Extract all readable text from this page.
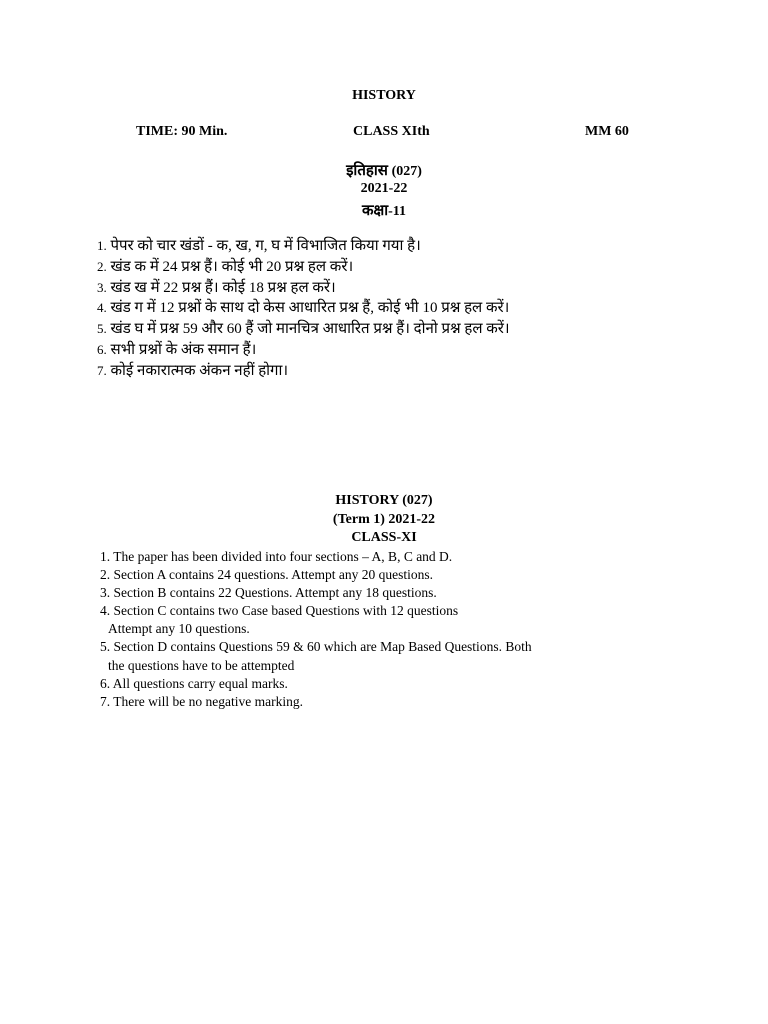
HISTORY
TIME: 90 Min.	CLASS XIth	MM 60
इतिहास (027)
2021-22
कक्षा-11
1. पेपर को चार खंडों - क, ख, ग, घ में विभाजित किया गया है।
2. खंड क में 24 प्रश्न हैं। कोई भी 20 प्रश्न हल करें।
3. खंड ख में 22 प्रश्न हैं। कोई 18 प्रश्न हल करें।
4. खंड ग में 12 प्रश्नों के साथ दो केस आधारित प्रश्न हैं, कोई भी 10 प्रश्न हल करें।
5. खंड घ में प्रश्न 59 और 60 हैं जो मानचित्र आधारित प्रश्न हैं। दोनो प्रश्न हल करें।
6. सभी प्रश्नों के अंक समान हैं।
7. कोई नकारात्मक अंकन नहीं होगा।
HISTORY (027)
(Term 1) 2021-22
CLASS-XI
1. The paper has been divided into four sections – A, B, C and D.
2. Section A contains 24 questions. Attempt any 20 questions.
3. Section B contains 22 Questions. Attempt any 18 questions.
4. Section C contains two Case based Questions with 12 questions
Attempt any 10 questions.
5. Section D contains Questions 59 & 60 which are Map Based Questions. Both
the questions have to be attempted
6. All questions carry equal marks.
7. There will be no negative marking.
